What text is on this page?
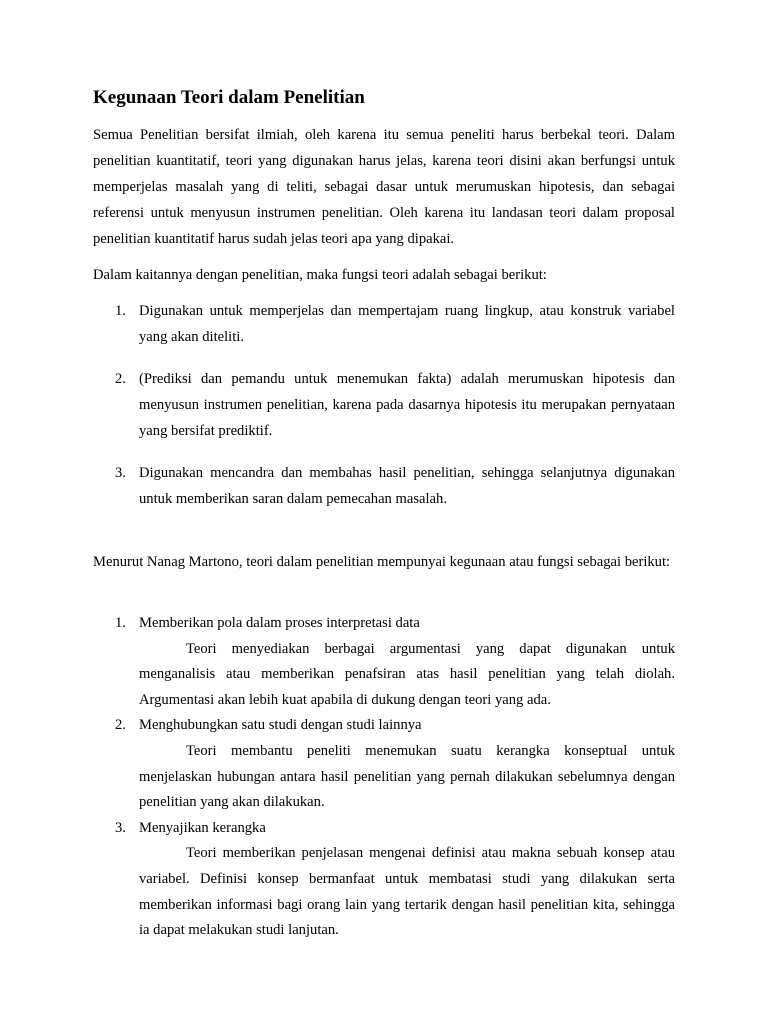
Kegunaan Teori dalam Penelitian

Semua Penelitian bersifat ilmiah, oleh karena itu semua peneliti harus berbekal teori. Dalam penelitian kuantitatif, teori yang digunakan harus jelas, karena teori disini akan berfungsi untuk memperjelas masalah yang di teliti, sebagai dasar untuk merumuskan hipotesis, dan sebagai referensi untuk menyusun instrumen penelitian. Oleh karena itu landasan teori dalam proposal penelitian kuantitatif harus sudah jelas teori apa yang dipakai.

Dalam kaitannya dengan penelitian, maka fungsi teori adalah sebagai berikut:

1. Digunakan untuk memperjelas dan mempertajam ruang lingkup, atau konstruk variabel yang akan diteliti.
2. (Prediksi dan pemandu untuk menemukan fakta) adalah merumuskan hipotesis dan menyusun instrumen penelitian, karena pada dasarnya hipotesis itu merupakan pernyataan yang bersifat prediktif.
3. Digunakan mencandra dan membahas hasil penelitian, sehingga selanjutnya digunakan untuk memberikan saran dalam pemecahan masalah.

Menurut Nanag Martono, teori dalam penelitian mempunyai kegunaan atau fungsi sebagai berikut:

1. Memberikan pola dalam proses interpretasi data
Teori menyediakan berbagai argumentasi yang dapat digunakan untuk menganalisis atau memberikan penafsiran atas hasil penelitian yang telah diolah. Argumentasi akan lebih kuat apabila di dukung dengan teori yang ada.
2. Menghubungkan satu studi dengan studi lainnya
Teori membantu peneliti menemukan suatu kerangka konseptual untuk menjelaskan hubungan antara hasil penelitian yang pernah dilakukan sebelumnya dengan penelitian yang akan dilakukan.
3. Menyajikan kerangka
Teori memberikan penjelasan mengenai definisi atau makna sebuah konsep atau variabel. Definisi konsep bermanfaat untuk membatasi studi yang dilakukan serta memberikan informasi bagi orang lain yang tertarik dengan hasil penelitian kita, sehingga ia dapat melakukan studi lanjutan.
